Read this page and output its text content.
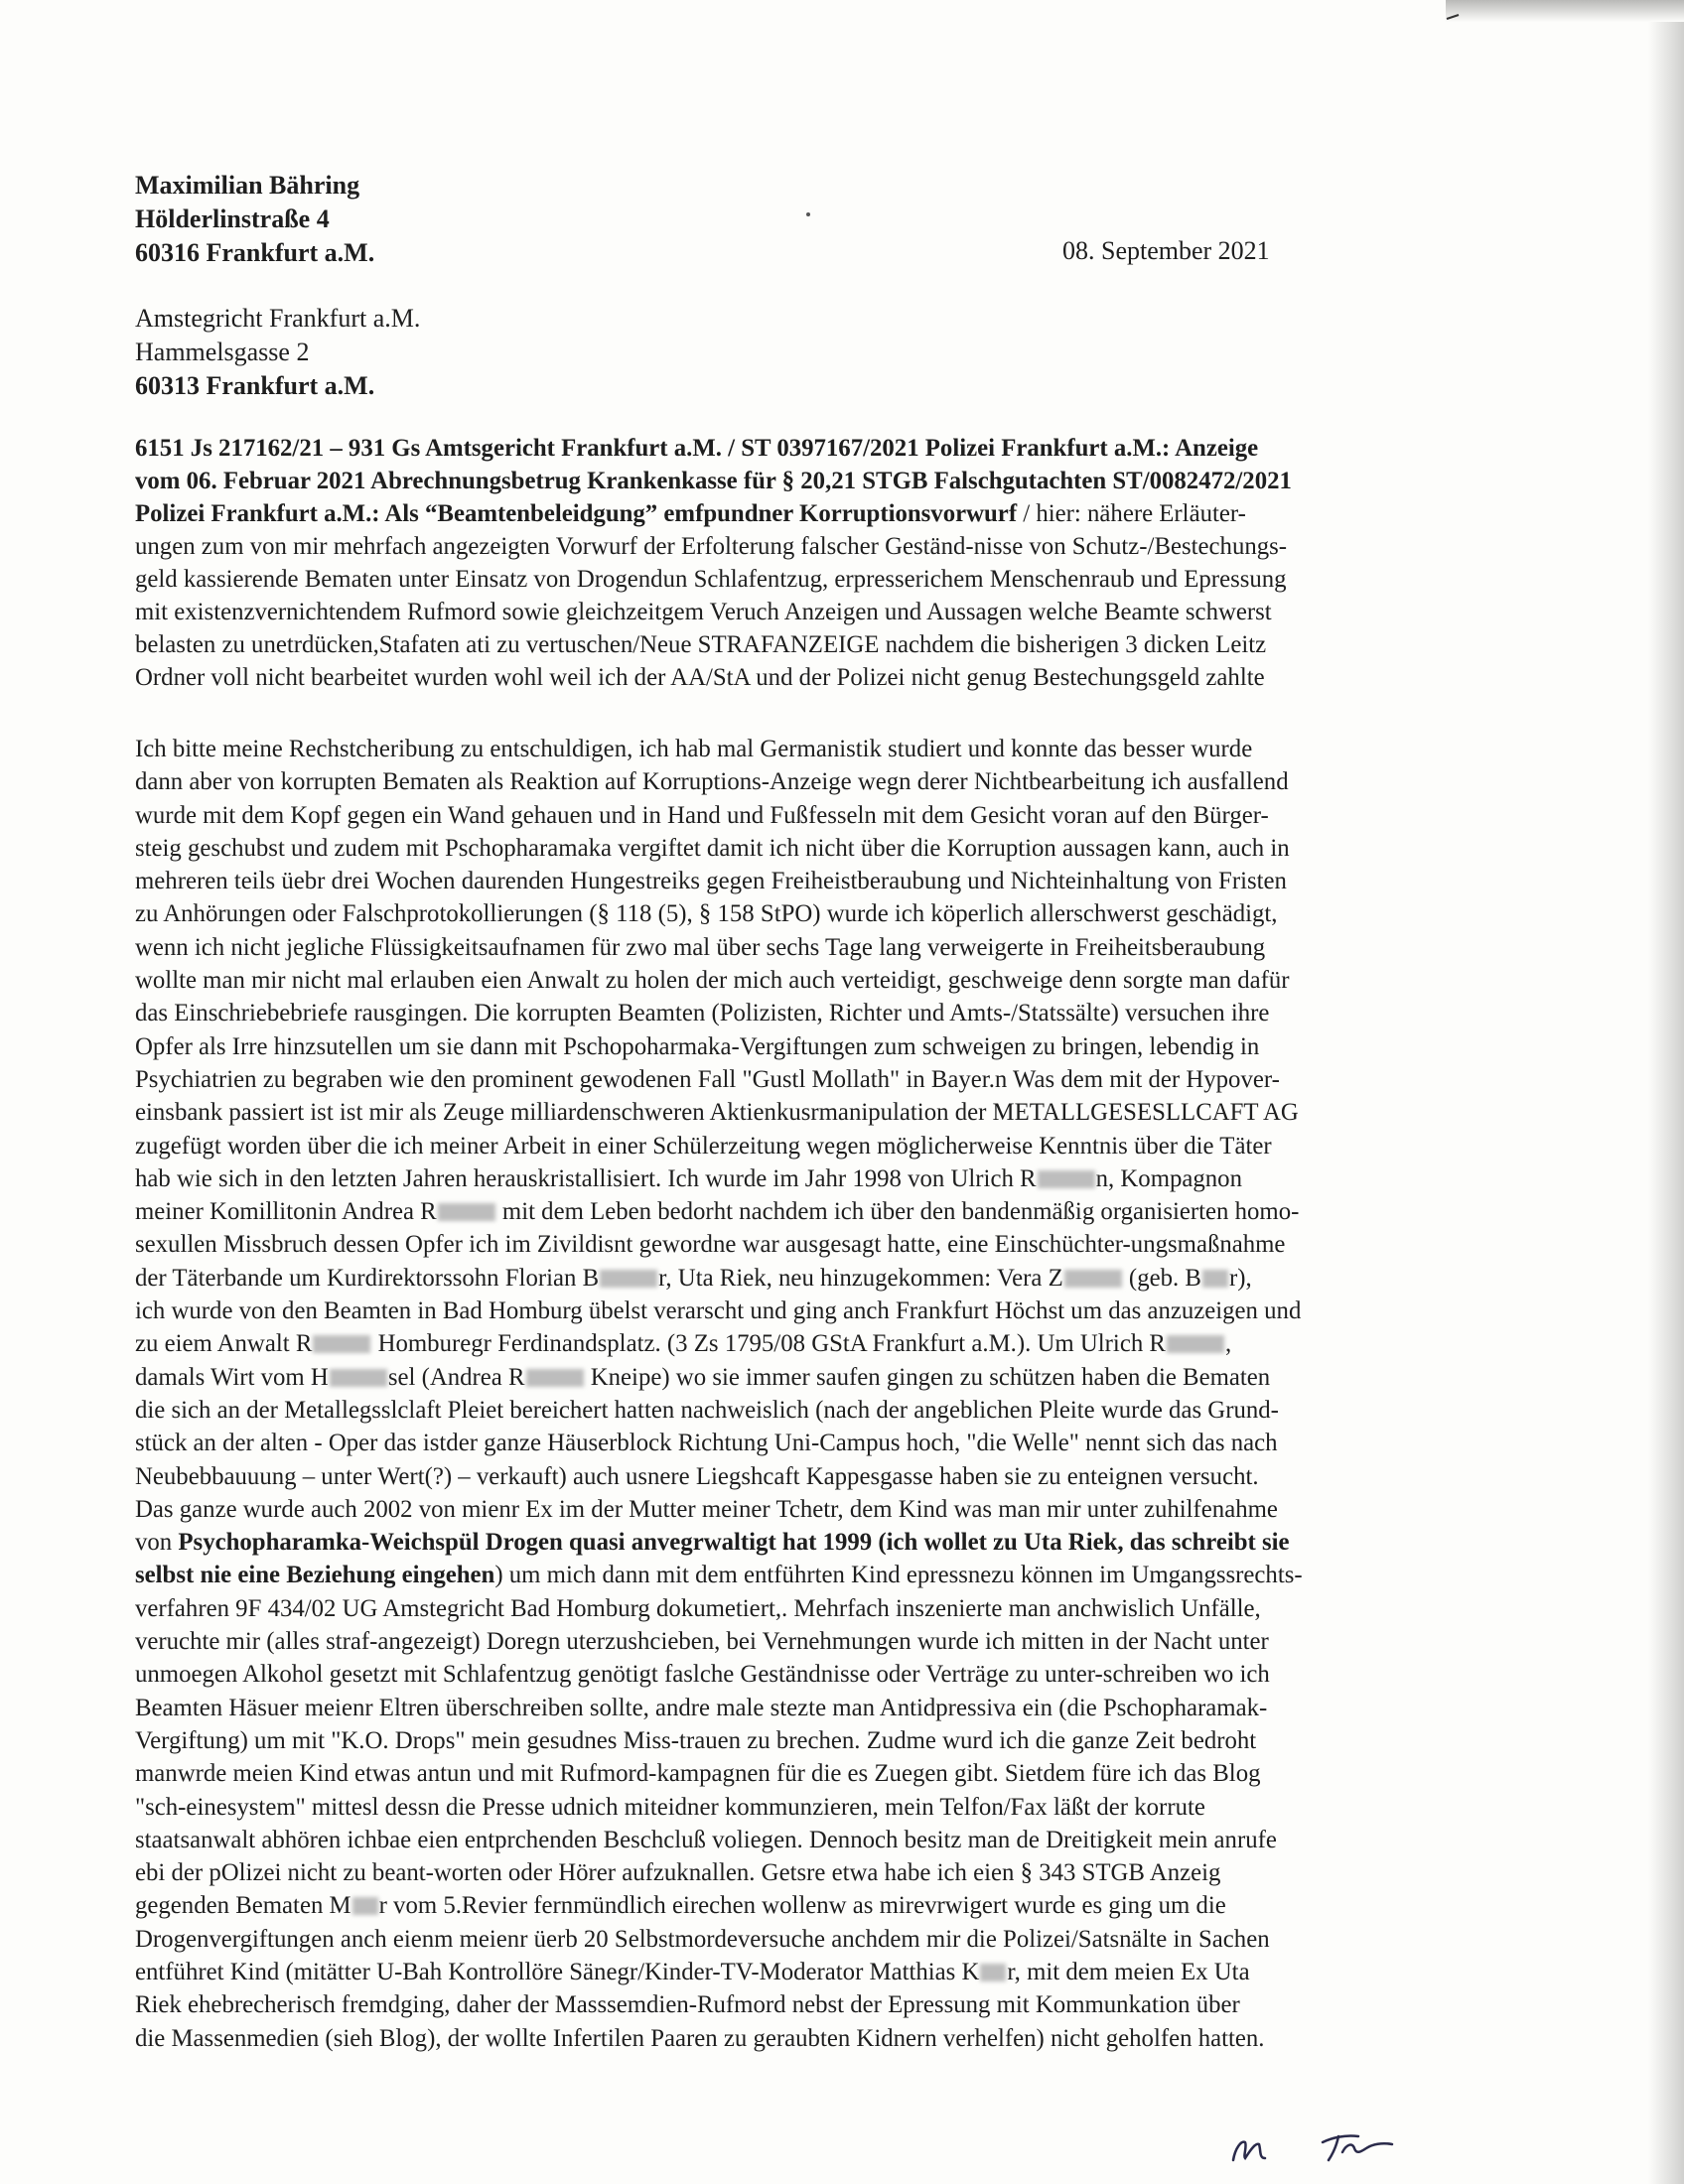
Maximilian Bähring
Hölderlinstraße 4
60316 Frankfurt a.M.	08. September 2021
Amstegricht Frankfurt a.M.
Hammelsgasse 2
60313 Frankfurt a.M.
6151 Js 217162/21 – 931 Gs Amtsgericht Frankfurt a.M. / ST 0397167/2021 Polizei Frankfurt a.M.: Anzeige
vom 06. Februar 2021 Abrechnungsbetrug Krankenkasse für § 20,21 STGB Falschgutachten ST/0082472/2021
Polizei Frankfurt a.M.: Als “Beamtenbeleidgung” emfpundner Korruptionsvorwurf / hier: nähere Erläuter-
ungen zum von mir mehrfach angezeigten Vorwurf der Erfolterung falscher Geständ-nisse von Schutz-/Bestechungs-
geld kassierende Bematen unter Einsatz von Drogendun Schlafentzug, erpresserichem Menschenraub und Epressung
mit existenzvernichtendem Rufmord sowie gleichzeitgem Veruch Anzeigen und Aussagen welche Beamte schwerst
belasten zu unetrdücken,Stafaten ati zu vertuschen/Neue STRAFANZEIGE nachdem die bisherigen 3 dicken Leitz
Ordner voll nicht bearbeitet wurden wohl weil ich der AA/StA und der Polizei nicht genug Bestechungsgeld zahlte
Ich bitte meine Rechstcheribung zu entschuldigen, ich hab mal Germanistik studiert und konnte das besser wurde
dann aber von korrupten Bematen als Reaktion auf Korruptions-Anzeige wegn derer Nichtbearbeitung ich ausfallend
wurde mit dem Kopf gegen ein Wand gehauen und in Hand und Fußfesseln mit dem Gesicht voran auf den Bürger-
steig geschubst und zudem mit Pschopharamaka vergiftet damit ich nicht über die Korruption aussagen kann, auch in
mehreren teils üebr drei Wochen daurenden Hungestreiks gegen Freiheistberaubung und Nichteinhaltung von Fristen
zu Anhörungen oder Falschprotokollierungen (§ 118 (5), § 158 StPO) wurde ich köperlich allerschwerst geschädigt,
wenn ich nicht jegliche Flüssigkeitsaufnamen für zwo mal über sechs Tage lang verweigerte in Freiheitsberaubung
wollte man mir nicht mal erlauben eien Anwalt zu holen der mich auch verteidigt, geschweige denn sorgte man dafür
das Einschriebebriefe rausgingen. Die korrupten Beamten (Polizisten, Richter und Amts-/Statssälte) versuchen ihre
Opfer als Irre hinzsutellen um sie dann mit Pschopoharmaka-Vergiftungen zum schweigen zu bringen, lebendig in
Psychiatrien zu begraben wie den prominent gewodenen Fall "Gustl Mollath" in Bayer.n Was dem mit der Hypover-
einsbank passiert ist ist mir als Zeuge milliardenschweren Aktienkusrmanipulation der METALLGESESLLCAFT AG
zugefügt worden über die ich meiner Arbeit in einer Schülerzeitung wegen möglicherweise Kenntnis über die Täter
hab wie sich in den letzten Jahren herauskristallisiert. Ich wurde im Jahr 1998 von Ulrich R n, Kompagnon
meiner Komillitonin Andrea R mit dem Leben bedorht nachdem ich über den bandenmäßig organisierten homo-
sexullen Missbruch dessen Opfer ich im Zivildisnt gewordne war ausgesagt hatte, eine Einschüchter-ungsmaßnahme
der Täterbande um Kurdirektorssohn Florian B r, Uta Riek, neu hinzugekommen: Vera Z (geb. B r),
ich wurde von den Beamten in Bad Homburg übelst verarscht und ging anch Frankfurt Höchst um das anzuzeigen und
zu eiem Anwalt R Homburegr Ferdinandsplatz. (3 Zs 1795/08 GStA Frankfurt a.M.). Um Ulrich R ,
damals Wirt vom H sel (Andrea R Kneipe) wo sie immer saufen gingen zu schützen haben die Bematen
die sich an der Metallegsslclaft Pleiet bereichert hatten nachweislich (nach der angeblichen Pleite wurde das Grund-
stück an der alten - Oper das istder ganze Häuserblock Richtung Uni-Campus hoch, "die Welle" nennt sich das nach
Neubebbauuung – unter Wert(?) – verkauft) auch usnere Liegshcaft Kappesgasse haben sie zu enteignen versucht.
Das ganze wurde auch 2002 von mienr Ex im der Mutter meiner Tchetr, dem Kind was man mir unter zuhilfenahme
von Psychopharamka-Weichspül Drogen quasi anvegrwaltigt hat 1999 (ich wollet zu Uta Riek, das schreibt sie
selbst nie eine Beziehung eingehen) um mich dann mit dem entführten Kind epressnezu können im Umgangssrechts-
verfahren 9F 434/02 UG Amstegricht Bad Homburg dokumetiert,. Mehrfach inszenierte man anchwislich Unfälle,
veruchte mir (alles straf-angezeigt) Doregn uterzushcieben, bei Vernehmungen wurde ich mitten in der Nacht unter
unmoegen Alkohol gesetzt mit Schlafentzug genötigt faslche Geständnisse oder Verträge zu unter-schreiben wo ich
Beamten Häsuer meienr Eltren überschreiben sollte, andre male stezte man Antidpressiva ein (die Pschopharamak-
Vergiftung) um mit "K.O. Drops" mein gesudnes Miss-trauen zu brechen. Zudme wurd ich die ganze Zeit bedroht
manwrde meien Kind etwas antun und mit Rufmord-kampagnen für die es Zuegen gibt. Sietdem füre ich das Blog
"sch-einesystem" mittesl dessn die Presse udnich miteidner kommunzieren, mein Telfon/Fax läßt der korrute
staatsanwalt abhören ichbae eien entprchenden Beschcluß voliegen. Dennoch besitz man de Dreitigkeit mein anrufe
ebi der pOlizei nicht zu beant-worten oder Hörer aufzuknallen. Getsre etwa habe ich eien § 343 STGB Anzeig
gegenden Bematen M r vom 5.Revier fernmündlich eirechen wollenw as mirevrwigert wurde es ging um die
Drogenvergiftungen anch eienm meienr üerb 20 Selbstmordeversuche anchdem mir die Polizei/Satsnälte in Sachen
entführet Kind (mitätter U-Bah Kontrollöre Sänegr/Kinder-TV-Moderator Matthias K r, mit dem meien Ex Uta
Riek ehebrecherisch fremdging, daher der Masssemdien-Rufmord nebst der Epressung mit Kommunkation über
die Massenmedien (sieh Blog), der wollte Infertilen Paaren zu geraubten Kidnern verhelfen) nicht geholfen hatten.
